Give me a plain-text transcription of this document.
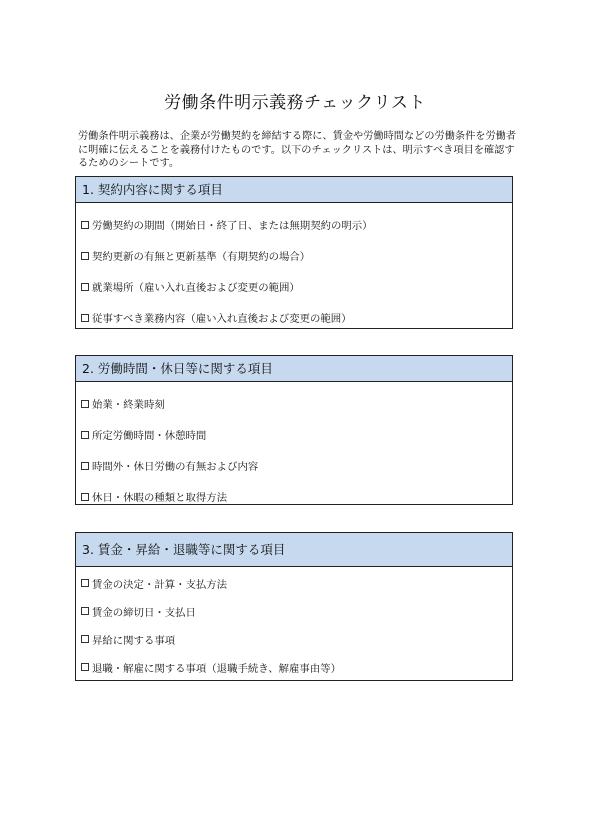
労働条件明示義務チェックリスト

労働条件明示義務は、企業が労働契約を締結する際に、賃金や労働時間などの労働条件を労働者に明確に伝えることを義務付けたものです。以下のチェックリストは、明示すべき項目を確認するためのシートです。

1. 契約内容に関する項目
労働契約の期間（開始日・終了日、または無期契約の明示）
契約更新の有無と更新基準（有期契約の場合）
就業場所（雇い入れ直後および変更の範囲）
従事すべき業務内容（雇い入れ直後および変更の範囲）
2. 労働時間・休日等に関する項目
始業・終業時刻
所定労働時間・休憩時間
時間外・休日労働の有無および内容
休日・休暇の種類と取得方法
3. 賃金・昇給・退職等に関する項目
賃金の決定・計算・支払方法
賃金の締切日・支払日
昇給に関する事項
退職・解雇に関する事項（退職手続き、解雇事由等）
